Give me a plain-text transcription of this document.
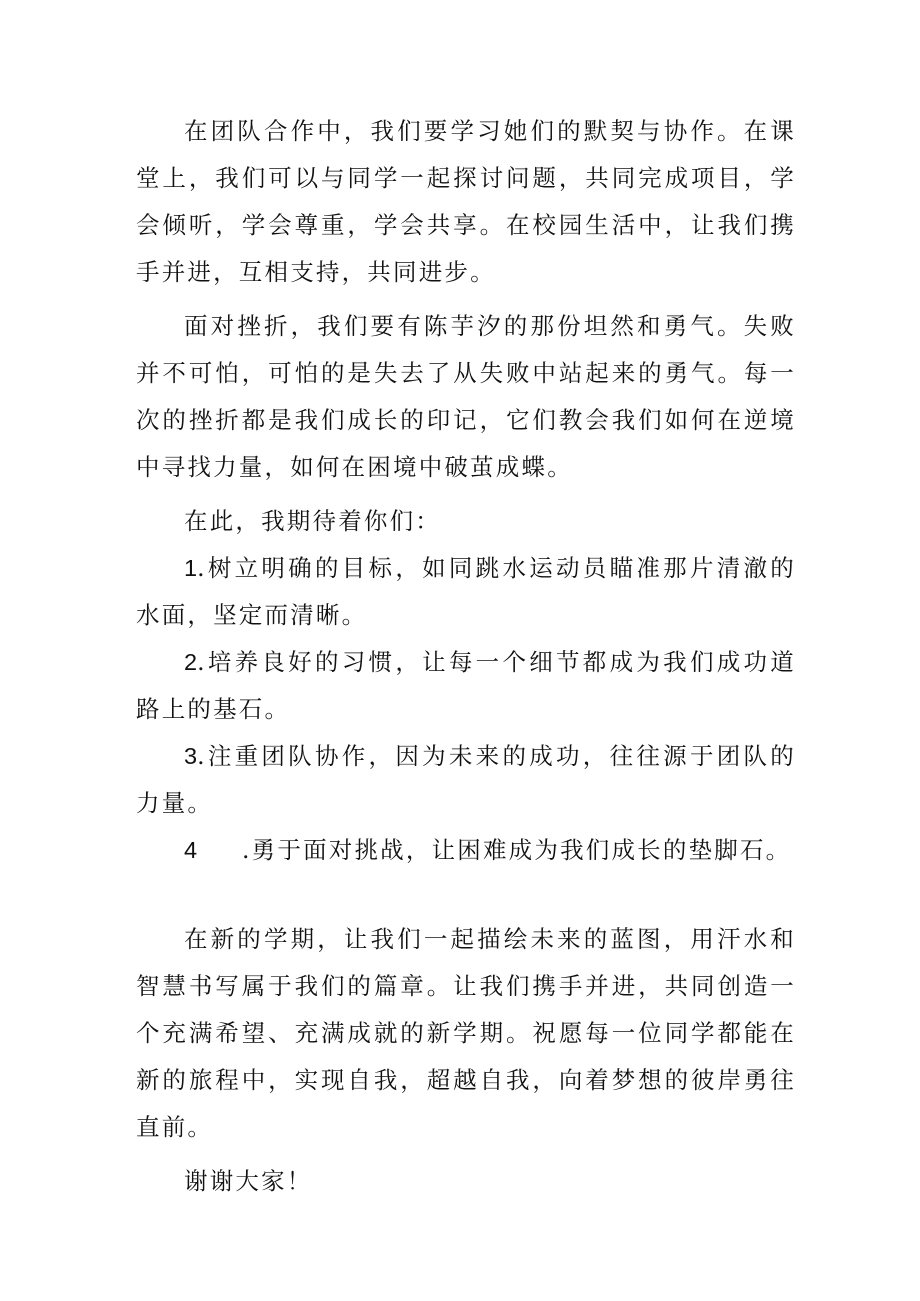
在团队合作中，我们要学习她们的默契与协作。在课堂上，我们可以与同学一起探讨问题，共同完成项目，学会倾听，学会尊重，学会共享。在校园生活中，让我们携手并进，互相支持，共同进步。

面对挫折，我们要有陈芋汐的那份坦然和勇气。失败并不可怕，可怕的是失去了从失败中站起来的勇气。每一次的挫折都是我们成长的印记，它们教会我们如何在逆境中寻找力量，如何在困境中破茧成蝶。

在此，我期待着你们：

1.树立明确的目标，如同跳水运动员瞄准那片清澈的水面，坚定而清晰。

2.培养良好的习惯，让每一个细节都成为我们成功道路上的基石。

3.注重团队协作，因为未来的成功，往往源于团队的力量。

4 .勇于面对挑战，让困难成为我们成长的垫脚石。

在新的学期，让我们一起描绘未来的蓝图，用汗水和智慧书写属于我们的篇章。让我们携手并进，共同创造一个充满希望、充满成就的新学期。祝愿每一位同学都能在新的旅程中，实现自我，超越自我，向着梦想的彼岸勇往直前。

谢谢大家！
